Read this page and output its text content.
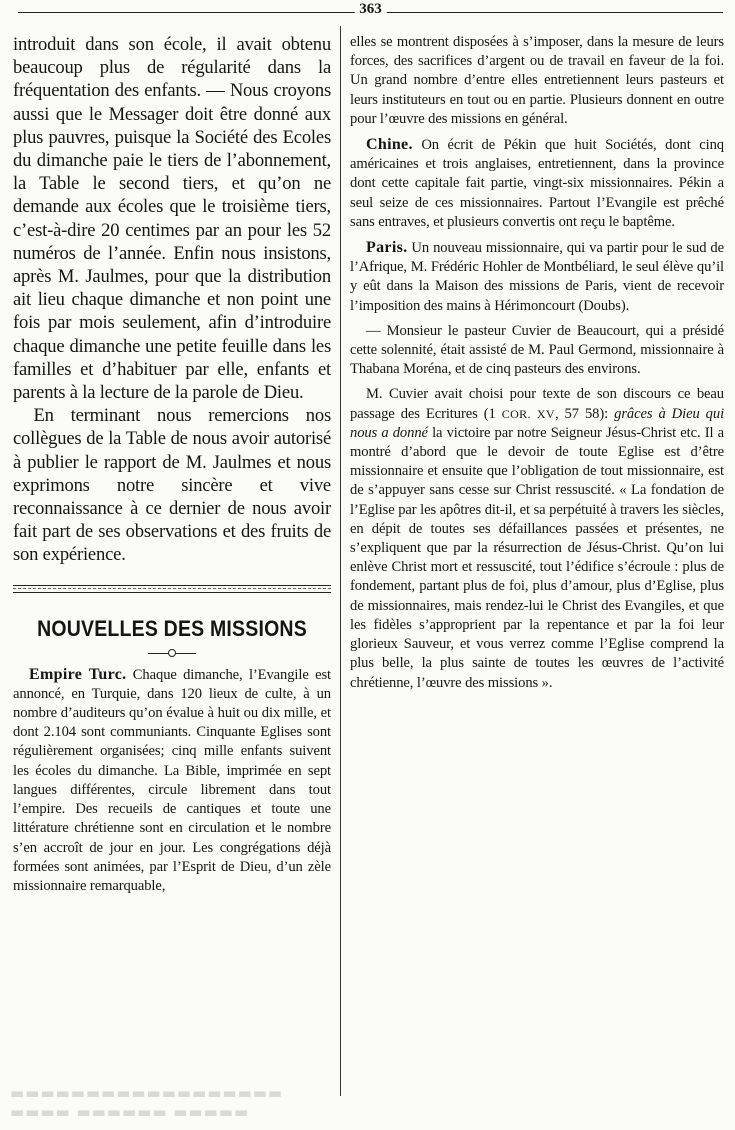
363

introduit dans son école, il avait obtenu beaucoup plus de régularité dans la fréquentation des enfants. — Nous croyons aussi que le Messager doit être donné aux plus pauvres, puisque la Société des Ecoles du dimanche paie le tiers de l’abonnement, la Table le second tiers, et qu’on ne demande aux écoles que le troisième tiers, c’est-à-dire 20 centimes par an pour les 52 numéros de l’année. Enfin nous insistons, après M. Jaulmes, pour que la distribution ait lieu chaque dimanche et non point une fois par mois seulement, afin d’introduire chaque dimanche une petite feuille dans les familles et d’habituer par elle, enfants et parents à la lecture de la parole de Dieu.

En terminant nous remercions nos collègues de la Table de nous avoir autorisé à publier le rapport de M. Jaulmes et nous exprimons notre sincère et vive reconnaissance à ce dernier de nous avoir fait part de ses observations et des fruits de son expérience.

NOUVELLES DES MISSIONS

Empire Turc. Chaque dimanche, l’Evangile est annoncé, en Turquie, dans 120 lieux de culte, à un nombre d’auditeurs qu’on évalue à huit ou dix mille, et dont 2.104 sont communiants. Cinquante Eglises sont régulièrement organisées; cinq mille enfants suivent les écoles du dimanche. La Bible, imprimée en sept langues différentes, circule librement dans tout l’empire. Des recueils de cantiques et toute une littérature chrétienne sont en circulation et le nombre s’en accroît de jour en jour. Les congrégations déjà formées sont animées, par l’Esprit de Dieu, d’un zèle missionnaire remarquable,

elles se montrent disposées à s’imposer, dans la mesure de leurs forces, des sacrifices d’argent ou de travail en faveur de la foi. Un grand nombre d’entre elles entretiennent leurs pasteurs et leurs instituteurs en tout ou en partie. Plusieurs donnent en outre pour l’œuvre des missions en général.

Chine. On écrit de Pékin que huit Sociétés, dont cinq américaines et trois anglaises, entretiennent, dans la province dont cette capitale fait partie, vingt-six missionnaires. Pékin a seul seize de ces missionnaires. Partout l’Evangile est prêché sans entraves, et plusieurs convertis ont reçu le baptême.

Paris. Un nouveau missionnaire, qui va partir pour le sud de l’Afrique, M. Frédéric Hohler de Montbéliard, le seul élève qu’il y eût dans la Maison des missions de Paris, vient de recevoir l’imposition des mains à Hérimoncourt (Doubs).

— Monsieur le pasteur Cuvier de Beaucourt, qui a présidé cette solennité, était assisté de M. Paul Germond, missionnaire à Thabana Moréna, et de cinq pasteurs des environs.

M. Cuvier avait choisi pour texte de son discours ce beau passage des Ecritures (1 COR. XV, 57 58): grâces à Dieu qui nous a donné la victoire par notre Seigneur Jésus-Christ etc. Il a montré d’abord que le devoir de toute Eglise est d’être missionnaire et ensuite que l’obligation de tout missionnaire, est de s’appuyer sans cesse sur Christ ressuscité. « La fondation de l’Eglise par les apôtres dit-il, et sa perpétuité à travers les siècles, en dépit de toutes ses défaillances passées et présentes, ne s’expliquent que par la résurrection de Jésus-Christ. Qu’on lui enlève Christ mort et ressuscité, tout l’édifice s’écroule : plus de fondement, partant plus de foi, plus d’amour, plus d’Eglise, plus de missionnaires, mais rendez-lui le Christ des Evangiles, et que les fidèles s’approprient par la repentance et par la foi leur glorieux Sauveur, et vous verrez comme l’Eglise comprend la plus belle, la plus sainte de toutes les œuvres de l’activité chrétienne, l’œuvre des missions ».

▬▬▬▬▬▬▬▬▬▬▬▬▬▬▬▬▬▬
▬▬▬▬ ▬▬▬▬▬▬ ▬▬▬▬▬
